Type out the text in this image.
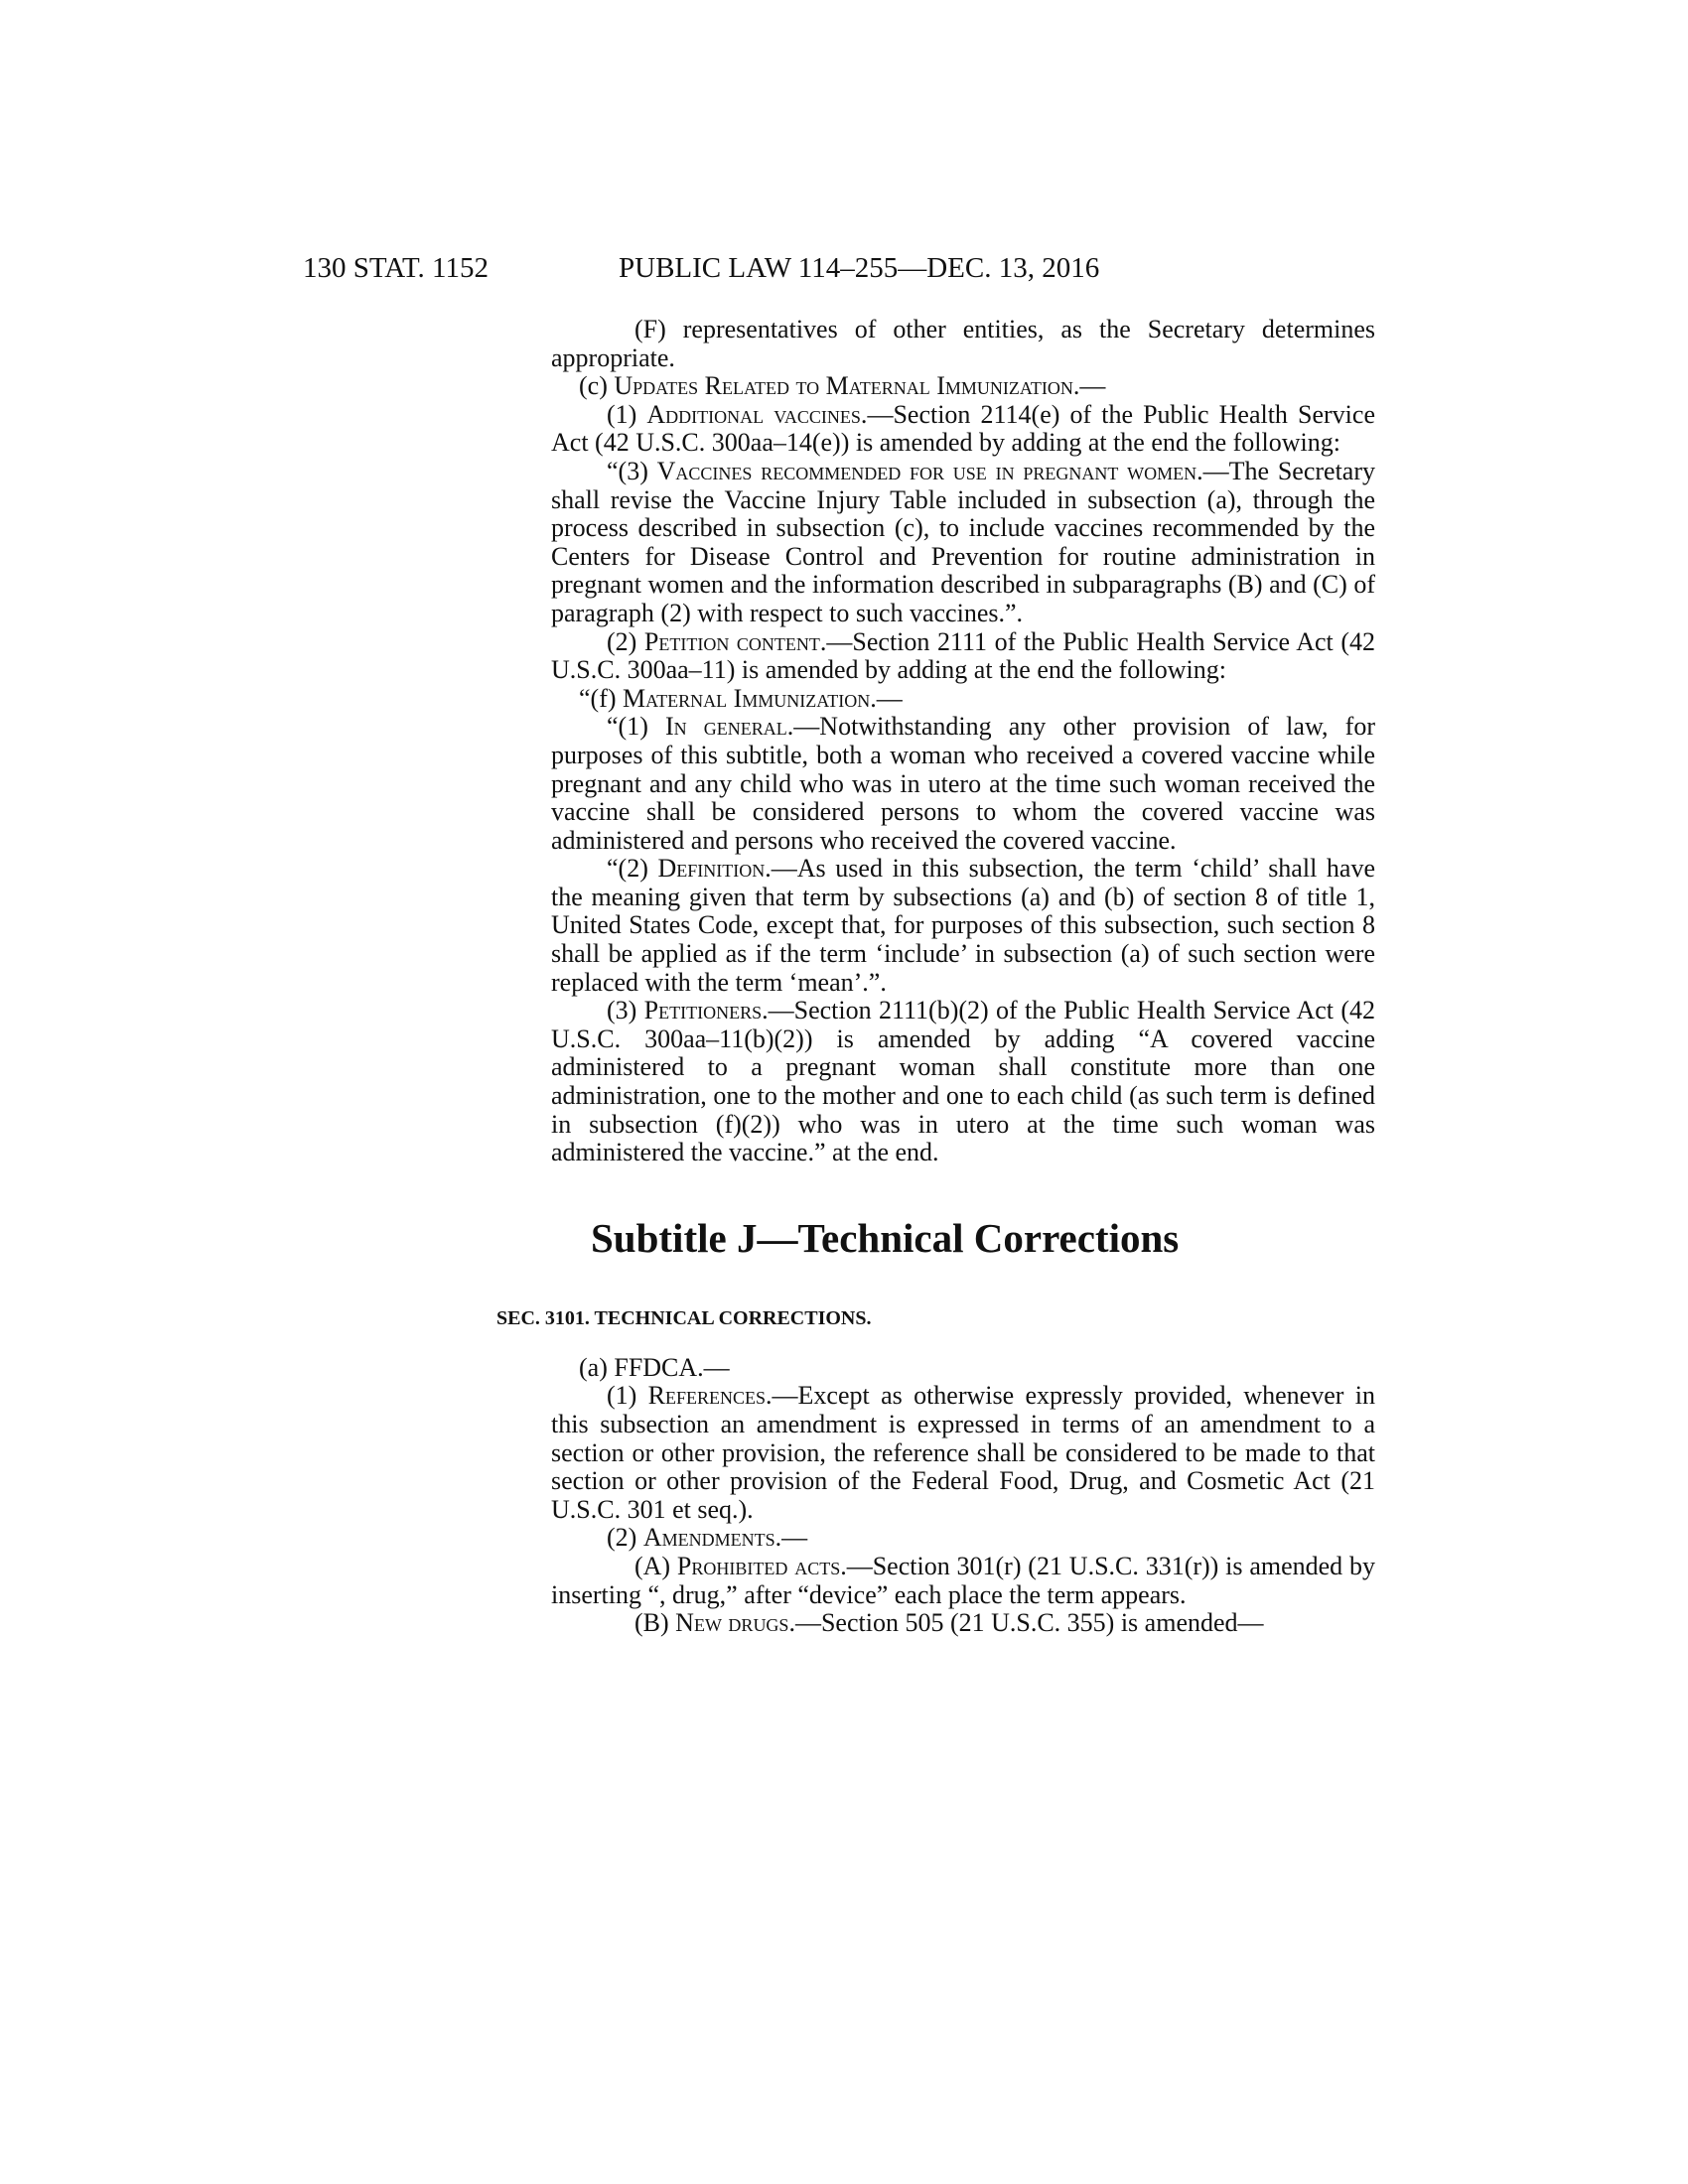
130 STAT. 1152	PUBLIC LAW 114–255—DEC. 13, 2016

(F) representatives of other entities, as the Secretary determines appropriate.

(c) Updates Related to Maternal Immunization.—

(1) Additional vaccines.—Section 2114(e) of the Public Health Service Act (42 U.S.C. 300aa–14(e)) is amended by adding at the end the following:

“(3) Vaccines recommended for use in pregnant women.—The Secretary shall revise the Vaccine Injury Table included in subsection (a), through the process described in subsection (c), to include vaccines recommended by the Centers for Disease Control and Prevention for routine administration in pregnant women and the information described in subparagraphs (B) and (C) of paragraph (2) with respect to such vaccines.”.

(2) Petition content.—Section 2111 of the Public Health Service Act (42 U.S.C. 300aa–11) is amended by adding at the end the following:

“(f) Maternal Immunization.—

“(1) In general.—Notwithstanding any other provision of law, for purposes of this subtitle, both a woman who received a covered vaccine while pregnant and any child who was in utero at the time such woman received the vaccine shall be considered persons to whom the covered vaccine was administered and persons who received the covered vaccine.

“(2) Definition.—As used in this subsection, the term ‘child’ shall have the meaning given that term by subsections (a) and (b) of section 8 of title 1, United States Code, except that, for purposes of this subsection, such section 8 shall be applied as if the term ‘include’ in subsection (a) of such section were replaced with the term ‘mean’.”.

(3) Petitioners.—Section 2111(b)(2) of the Public Health Service Act (42 U.S.C. 300aa–11(b)(2)) is amended by adding “A covered vaccine administered to a pregnant woman shall constitute more than one administration, one to the mother and one to each child (as such term is defined in subsection (f)(2)) who was in utero at the time such woman was administered the vaccine.” at the end.

Subtitle J—Technical Corrections
SEC. 3101. TECHNICAL CORRECTIONS.

(a) FFDCA.—

(1) References.—Except as otherwise expressly provided, whenever in this subsection an amendment is expressed in terms of an amendment to a section or other provision, the reference shall be considered to be made to that section or other provision of the Federal Food, Drug, and Cosmetic Act (21 U.S.C. 301 et seq.).

(2) Amendments.—

(A) Prohibited acts.—Section 301(r) (21 U.S.C. 331(r)) is amended by inserting “, drug,” after “device” each place the term appears.

(B) New drugs.—Section 505 (21 U.S.C. 355) is amended—
